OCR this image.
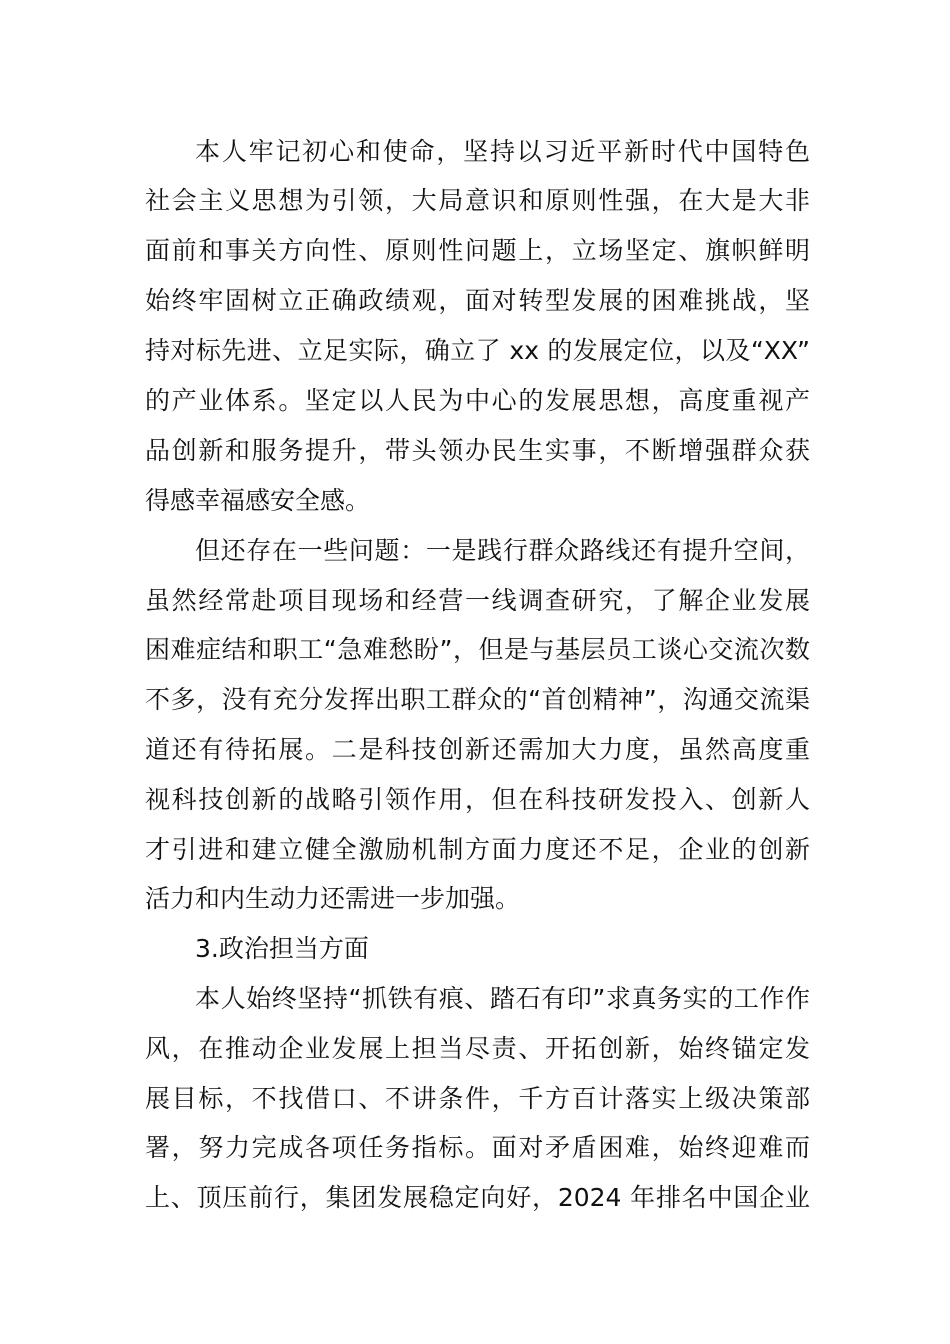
本人牢记初心和使命，坚持以习近平新时代中国特色
社会主义思想为引领，大局意识和原则性强，在大是大非
面前和事关方向性、原则性问题上，立场坚定、旗帜鲜明
始终牢固树立正确政绩观，面对转型发展的困难挑战，坚
持对标先进、立足实际，确立了 xx 的发展定位，以及“XX”
的产业体系。坚定以人民为中心的发展思想，高度重视产
品创新和服务提升，带头领办民生实事，不断增强群众获
得感幸福感安全感。
但还存在一些问题：一是践行群众路线还有提升空间，
虽然经常赴项目现场和经营一线调查研究，了解企业发展
困难症结和职工“急难愁盼”，但是与基层员工谈心交流次数
不多，没有充分发挥出职工群众的“首创精神”，沟通交流渠
道还有待拓展。二是科技创新还需加大力度，虽然高度重
视科技创新的战略引领作用，但在科技研发投入、创新人
才引进和建立健全激励机制方面力度还不足，企业的创新
活力和内生动力还需进一步加强。
3.政治担当方面
本人始终坚持“抓铁有痕、踏石有印”求真务实的工作作
风，在推动企业发展上担当尽责、开拓创新，始终锚定发
展目标，不找借口、不讲条件，千方百计落实上级决策部
署，努力完成各项任务指标。面对矛盾困难，始终迎难而
上、顶压前行，集团发展稳定向好，2024 年排名中国企业
